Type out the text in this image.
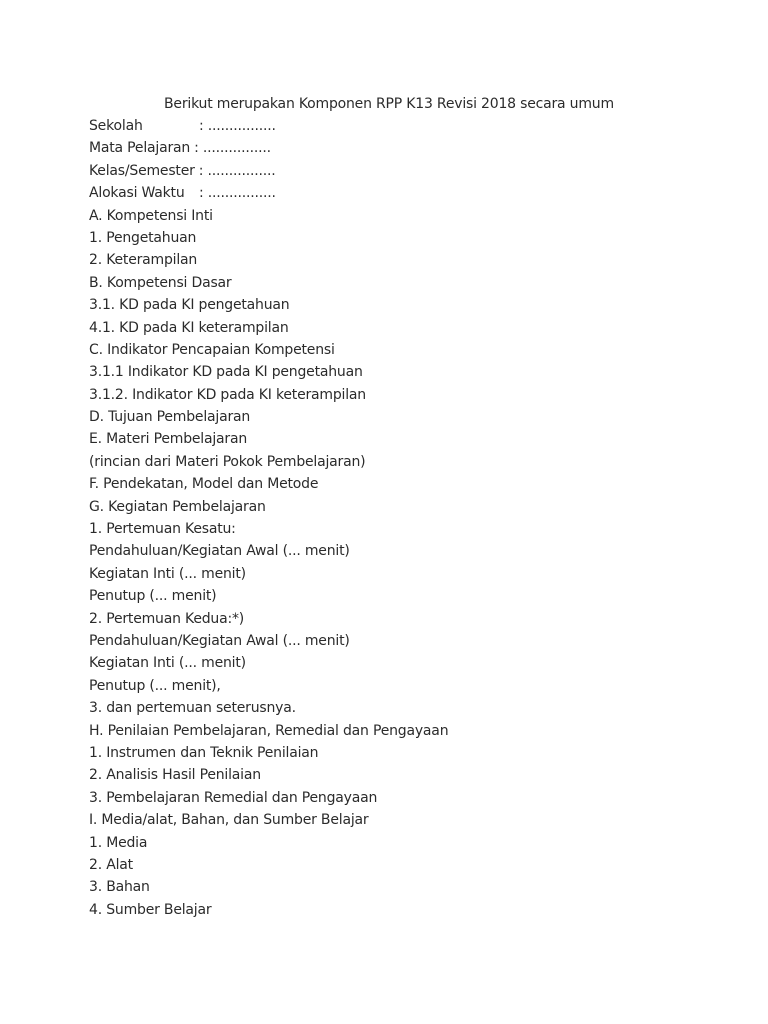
Berikut merupakan Komponen RPP K13 Revisi 2018 secara umum
Sekolah	: ................
Mata Pelajaran : ................
Kelas/Semester : ................
Alokasi Waktu	: ................
A. Kompetensi Inti
1. Pengetahuan
2. Keterampilan
B. Kompetensi Dasar
3.1. KD pada KI pengetahuan
4.1. KD pada KI keterampilan
C. Indikator Pencapaian Kompetensi
3.1.1 Indikator KD pada KI pengetahuan
3.1.2. Indikator KD pada KI keterampilan
D. Tujuan Pembelajaran
E. Materi Pembelajaran
(rincian dari Materi Pokok Pembelajaran)
F. Pendekatan, Model dan Metode
G. Kegiatan Pembelajaran
1. Pertemuan Kesatu:
Pendahuluan/Kegiatan Awal (... menit)
Kegiatan Inti (... menit)
Penutup (... menit)
2. Pertemuan Kedua:*)
Pendahuluan/Kegiatan Awal (... menit)
Kegiatan Inti (... menit)
Penutup (... menit),
3. dan pertemuan seterusnya.
H. Penilaian Pembelajaran, Remedial dan Pengayaan
1. Instrumen dan Teknik Penilaian
2. Analisis Hasil Penilaian
3. Pembelajaran Remedial dan Pengayaan
I. Media/alat, Bahan, dan Sumber Belajar
1. Media
2. Alat
3. Bahan
4. Sumber Belajar
